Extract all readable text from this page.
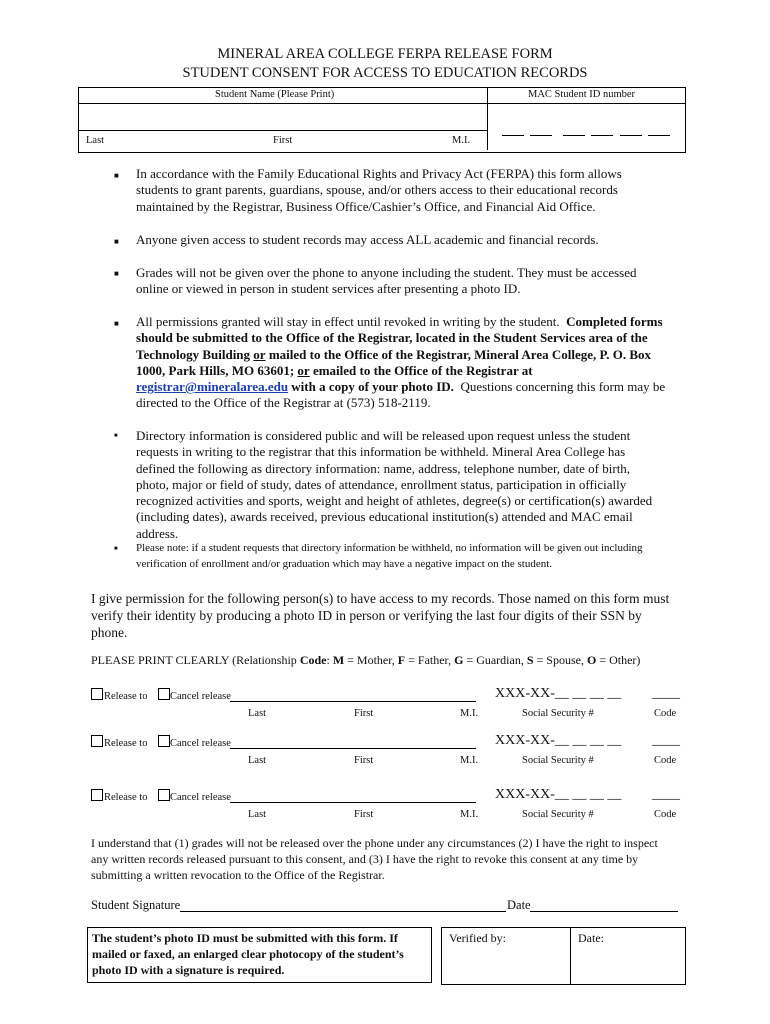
MINERAL AREA COLLEGE FERPA RELEASE FORM
STUDENT CONSENT FOR ACCESS TO EDUCATION RECORDS
Student Name (Please Print)	MAC Student ID number
Last	First	M.I.
■ In accordance with the Family Educational Rights and Privacy Act (FERPA) this form allows students to grant parents, guardians, spouse, and/or others access to their educational records maintained by the Registrar, Business Office/Cashier’s Office, and Financial Aid Office.
■ Anyone given access to student records may access ALL academic and financial records.
■ Grades will not be given over the phone to anyone including the student. They must be accessed online or viewed in person in student services after presenting a photo ID.
■ All permissions granted will stay in effect until revoked in writing by the student. Completed forms should be submitted to the Office of the Registrar, located in the Student Services area of the Technology Building or mailed to the Office of the Registrar, Mineral Area College, P. O. Box 1000, Park Hills, MO 63601; or emailed to the Office of the Registrar at registrar@mineralarea.edu with a copy of your photo ID. Questions concerning this form may be directed to the Office of the Registrar at (573) 518-2119.
■ Directory information is considered public and will be released upon request unless the student requests in writing to the registrar that this information be withheld. Mineral Area College has defined the following as directory information: name, address, telephone number, date of birth, photo, major or field of study, dates of attendance, enrollment status, participation in officially recognized activities and sports, weight and height of athletes, degree(s) or certification(s) awarded (including dates), awards received, previous educational institution(s) attended and MAC email address.
■ Please note: if a student requests that directory information be withheld, no information will be given out including verification of enrollment and/or graduation which may have a negative impact on the student.
I give permission for the following person(s) to have access to my records. Those named on this form must verify their identity by producing a photo ID in person or verifying the last four digits of their SSN by phone.
PLEASE PRINT CLEARLY (Relationship Code: M = Mother, F = Father, G = Guardian, S = Spouse, O = Other)
Release to Cancel release	XXX-XX-__ __ __ __ ____
Last	First	M.I.	Social Security #	Code
Release to Cancel release	XXX-XX-__ __ __ __ ____
Last	First	M.I.	Social Security #	Code
Release to Cancel release	XXX-XX-__ __ __ __ ____
Last	First	M.I.	Social Security #	Code
I understand that (1) grades will not be released over the phone under any circumstances (2) I have the right to inspect any written records released pursuant to this consent, and (3) I have the right to revoke this consent at any time by submitting a written revocation to the Office of the Registrar.
Student Signature	Date
The student’s photo ID must be submitted with this form. If mailed or faxed, an enlarged clear photocopy of the student’s photo ID with a signature is required.
Verified by:	Date:
